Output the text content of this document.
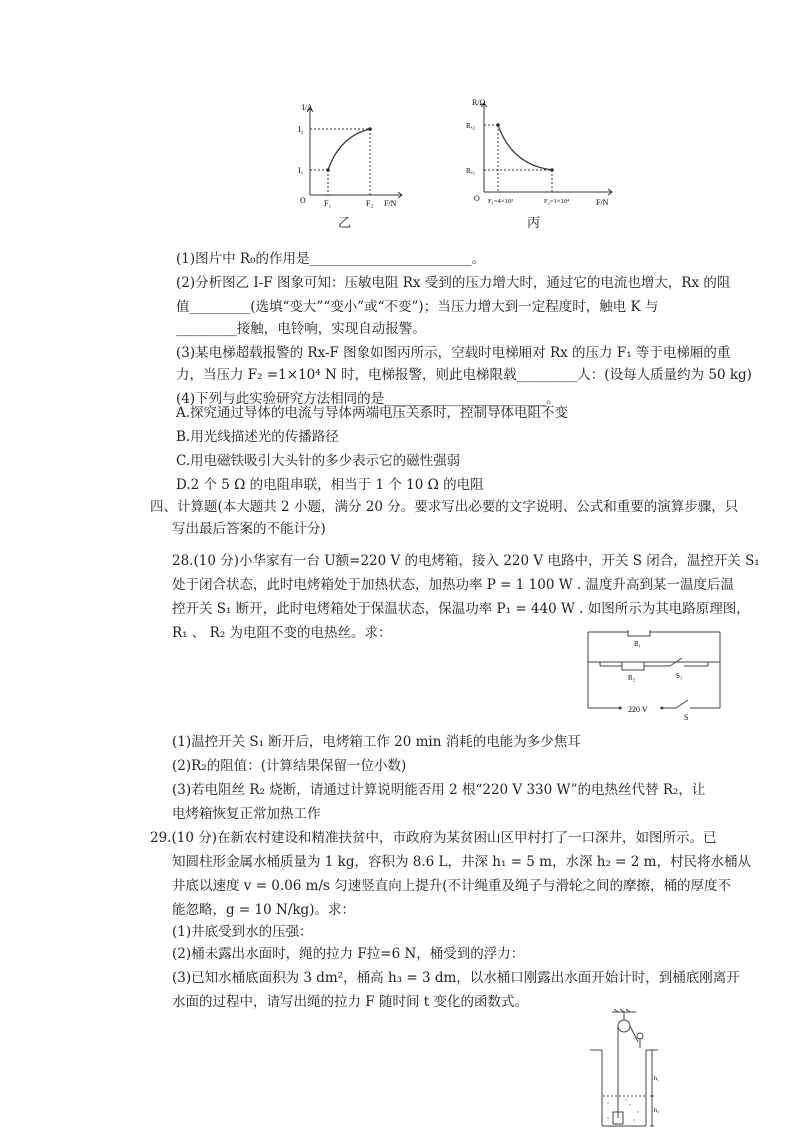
I/A
F/N
O
I₂
I₁
F₁	F₂
乙
R/Ω
F/N
O
Rₓ₂
Rₓ₁
F₁=4×10³	F₂=1×10⁴
丙
(1)图片中 R₀的作用是________________________。
(2)分析图乙 I-F 图象可知：压敏电阻 Rx 受到的压力增大时，通过它的电流也增大，Rx 的阻
值_________(选填“变大”“变小”或“不变”)；当压力增大到一定程度时，触电 K 与
_________接触，电铃响，实现自动报警。
(3)某电梯超载报警的 Rx-F 图象如图丙所示，空载时电梯厢对 Rx 的压力 F₁ 等于电梯厢的重
力，当压力 F₂ =1×10⁴ N 时，电梯报警，则此电梯限载_________人：(设每人质量约为 50 kg)
(4)下列与此实验研究方法相同的是________________________。
A.探究通过导体的电流与导体两端电压关系时，控制导体电阻不变
B.用光线描述光的传播路径
C.用电磁铁吸引大头针的多少表示它的磁性强弱
D.2 个 5 Ω 的电阻串联，相当于 1 个 10 Ω 的电阻
四、计算题(本大题共 2 小题，满分 20 分。要求写出必要的文字说明、公式和重要的演算步骤，只
写出最后答案的不能计分)
28.(10 分)小华家有一台 U额=220 V 的电烤箱，接入 220 V 电路中，开关 S 闭合，温控开关 S₁
处于闭合状态，此时电烤箱处于加热状态，加热功率 P = 1 100 W . 温度升高到某一温度后温
控开关 S₁ 断开，此时电烤箱处于保温状态，保温功率 P₁ = 440 W . 如图所示为其电路原理图，
R₁ 、 R₂ 为电阻不变的电热丝。求：
R₁
R₂	S₁
220 V
S
(1)温控开关 S₁ 断开后，电烤箱工作 20 min 消耗的电能为多少焦耳
(2)R₂的阻值：(计算结果保留一位小数)
(3)若电阻丝 R₂ 烧断，请通过计算说明能否用 2 根“220 V 330 W”的电热丝代替 R₂，让
电烤箱恢复正常加热工作
29.(10 分)在新农村建设和精准扶贫中，市政府为某贫困山区甲村打了一口深井，如图所示。已
知圆柱形金属水桶质量为 1 kg，容积为 8.6 L，井深 h₁ = 5 m，水深 h₂ = 2 m，村民将水桶从
井底以速度 v = 0.06 m/s 匀速竖直向上提升(不计绳重及绳子与滑轮之间的摩擦，桶的厚度不
能忽略，g = 10 N/kg)。求：
(1)井底受到水的压强：
(2)桶未露出水面时，绳的拉力 F拉=6 N，桶受到的浮力：
(3)已知水桶底面积为 3 dm²，桶高 h₃ = 3 dm，以水桶口刚露出水面开始计时，到桶底刚离开
水面的过程中，请写出绳的拉力 F 随时间 t 变化的函数式。
h₁
h₂
